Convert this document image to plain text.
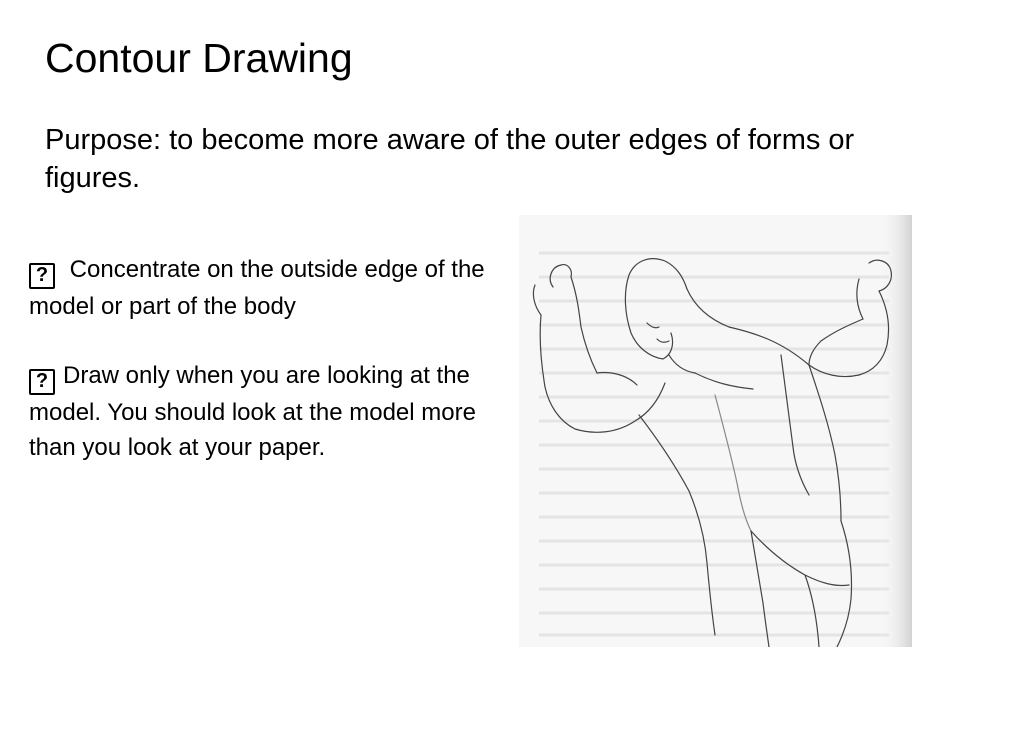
Contour Drawing

Purpose: to become more aware of the outer edges of forms or figures.

? Concentrate on the outside edge of the model or part of the body

? Draw only when you are looking at the model. You should look at the model more than you look at your paper.
